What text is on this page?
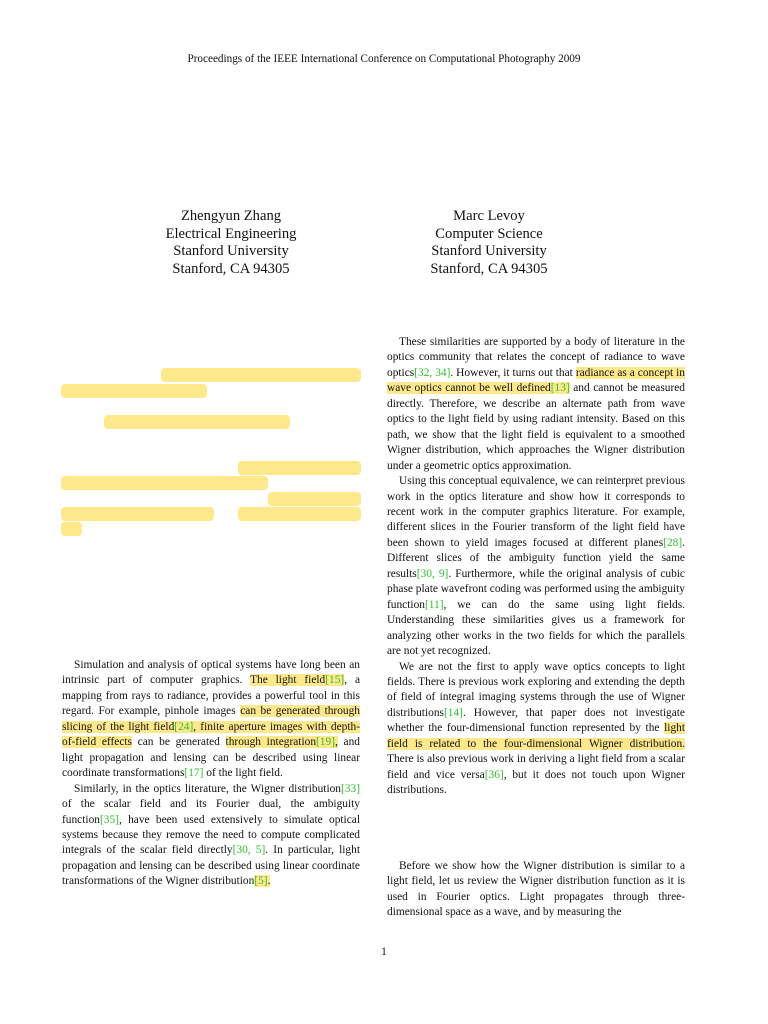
Proceedings of the IEEE International Conference on Computational Photography 2009
Zhengyun Zhang
Electrical Engineering
Stanford University
Stanford, CA 94305
Marc Levoy
Computer Science
Stanford University
Stanford, CA 94305

Simulation and analysis of optical systems have long been an intrinsic part of computer graphics. The light field[15], a mapping from rays to radiance, provides a powerful tool in this regard. For example, pinhole images can be generated through slicing of the light field[24], finite aperture images with depth-of-field effects can be generated through integration[19], and light propagation and lensing can be described using linear coordinate transformations[17] of the light field.

Similarly, in the optics literature, the Wigner distribution[33] of the scalar field and its Fourier dual, the ambiguity function[35], have been used extensively to simulate optical systems because they remove the need to compute complicated integrals of the scalar field directly[30, 5]. In particular, light propagation and lensing can be described using linear coordinate transformations of the Wigner distribution[5].

These similarities are supported by a body of literature in the optics community that relates the concept of radiance to wave optics[32, 34]. However, it turns out that radiance as a concept in wave optics cannot be well defined[13] and cannot be measured directly. Therefore, we describe an alternate path from wave optics to the light field by using radiant intensity. Based on this path, we show that the light field is equivalent to a smoothed Wigner distribution, which approaches the Wigner distribution under a geometric optics approximation.

Using this conceptual equivalence, we can reinterpret previous work in the optics literature and show how it corresponds to recent work in the computer graphics literature. For example, different slices in the Fourier transform of the light field have been shown to yield images focused at different planes[28]. Different slices of the ambiguity function yield the same results[30, 9]. Furthermore, while the original analysis of cubic phase plate wavefront coding was performed using the ambiguity function[11], we can do the same using light fields. Understanding these similarities gives us a framework for analyzing other works in the two fields for which the parallels are not yet recognized.

We are not the first to apply wave optics concepts to light fields. There is previous work exploring and extending the depth of field of integral imaging systems through the use of Wigner distributions[14]. However, that paper does not investigate whether the four-dimensional function represented by the light field is related to the four-dimensional Wigner distribution. There is also previous work in deriving a light field from a scalar field and vice versa[36], but it does not touch upon Wigner distributions.

Before we show how the Wigner distribution is similar to a light field, let us review the Wigner distribution function as it is used in Fourier optics. Light propagates through three-dimensional space as a wave, and by measuring the

1
